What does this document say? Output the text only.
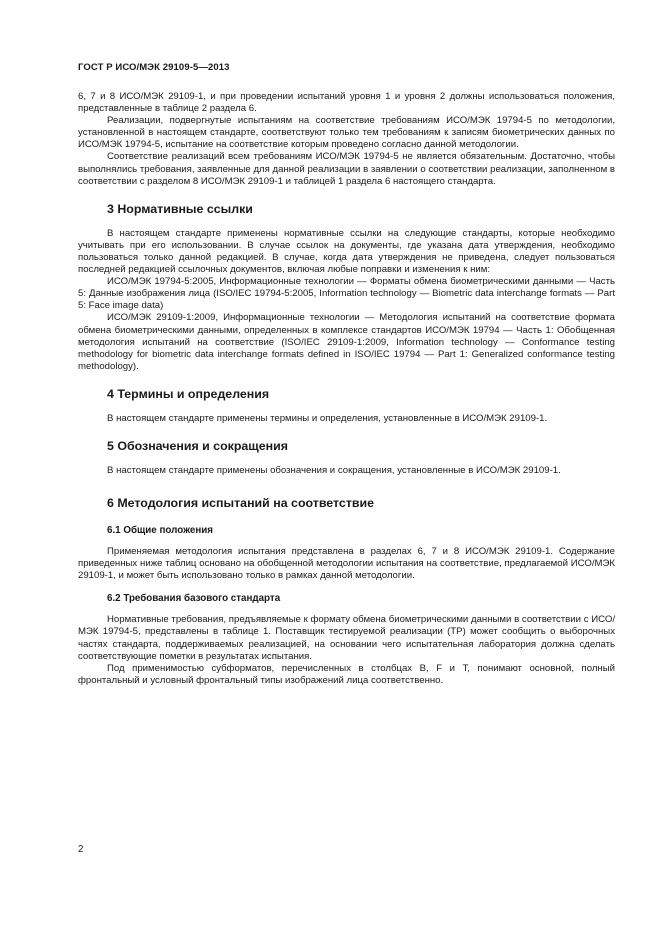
ГОСТ Р ИСО/МЭК 29109-5—2013

6, 7 и 8 ИСО/МЭК 29109-1, и при проведении испытаний уровня 1 и уровня 2 должны использоваться положения, представленные в таблице 2 раздела 6.

Реализации, подвергнутые испытаниям на соответствие требованиям ИСО/МЭК 19794-5 по методологии, установленной в настоящем стандарте, соответствуют только тем требованиям к записям биометрических данных по ИСО/МЭК 19794-5, испытание на соответствие которым проведено согласно данной методологии.

Соответствие реализаций всем требованиям ИСО/МЭК 19794-5 не является обязательным. Достаточно, чтобы выполнялись требования, заявленные для данной реализации в заявлении о соответствии реализации, заполненном в соответствии с разделом 8 ИСО/МЭК 29109-1 и таблицей 1 раздела 6 настоящего стандарта.

3 Нормативные ссылки

В настоящем стандарте применены нормативные ссылки на следующие стандарты, которые необходимо учитывать при его использовании. В случае ссылок на документы, где указана дата утверждения, необходимо пользоваться только данной редакцией. В случае, когда дата утверждения не приведена, следует пользоваться последней редакцией ссылочных документов, включая любые поправки и изменения к ним:

ИСО/МЭК 19794-5:2005, Информационные технологии — Форматы обмена биометрическими данными — Часть 5: Данные изображения лица (ISO/IEC 19794-5:2005, Information technology — Biometric data interchange formats — Part 5: Face image data)

ИСО/МЭК 29109-1:2009, Информационные технологии — Методология испытаний на соответствие формата обмена биометрическими данными, определенных в комплексе стандартов ИСО/МЭК 19794 — Часть 1: Обобщенная методология испытаний на соответствие (ISO/IEC 29109-1:2009, Information technology — Conformance testing methodology for biometric data interchange formats defined in ISO/IEC 19794 — Part 1: Generalized conformance testing methodology).

4 Термины и определения

В настоящем стандарте применены термины и определения, установленные в ИСО/МЭК 29109-1.

5 Обозначения и сокращения

В настоящем стандарте применены обозначения и сокращения, установленные в ИСО/МЭК 29109-1.

6 Методология испытаний на соответствие
6.1 Общие положения

Применяемая методология испытания представлена в разделах 6, 7 и 8 ИСО/МЭК 29109-1. Содержание приведенных ниже таблиц основано на обобщенной методологии испытания на соответствие, предлагаемой ИСО/МЭК 29109-1, и может быть использовано только в рамках данной методологии.

6.2 Требования базового стандарта

Нормативные требования, предъявляемые к формату обмена биометрическими данными в соответствии с ИСО/МЭК 19794-5, представлены в таблице 1. Поставщик тестируемой реализации (ТР) может сообщить о выборочных частях стандарта, поддерживаемых реализацией, на основании чего испытательная лаборатория должна сделать соответствующие пометки в результатах испытания.

Под применимостью субформатов, перечисленных в столбцах B, F и T, понимают основной, полный фронтальный и условный фронтальный типы изображений лица соответственно.

2
